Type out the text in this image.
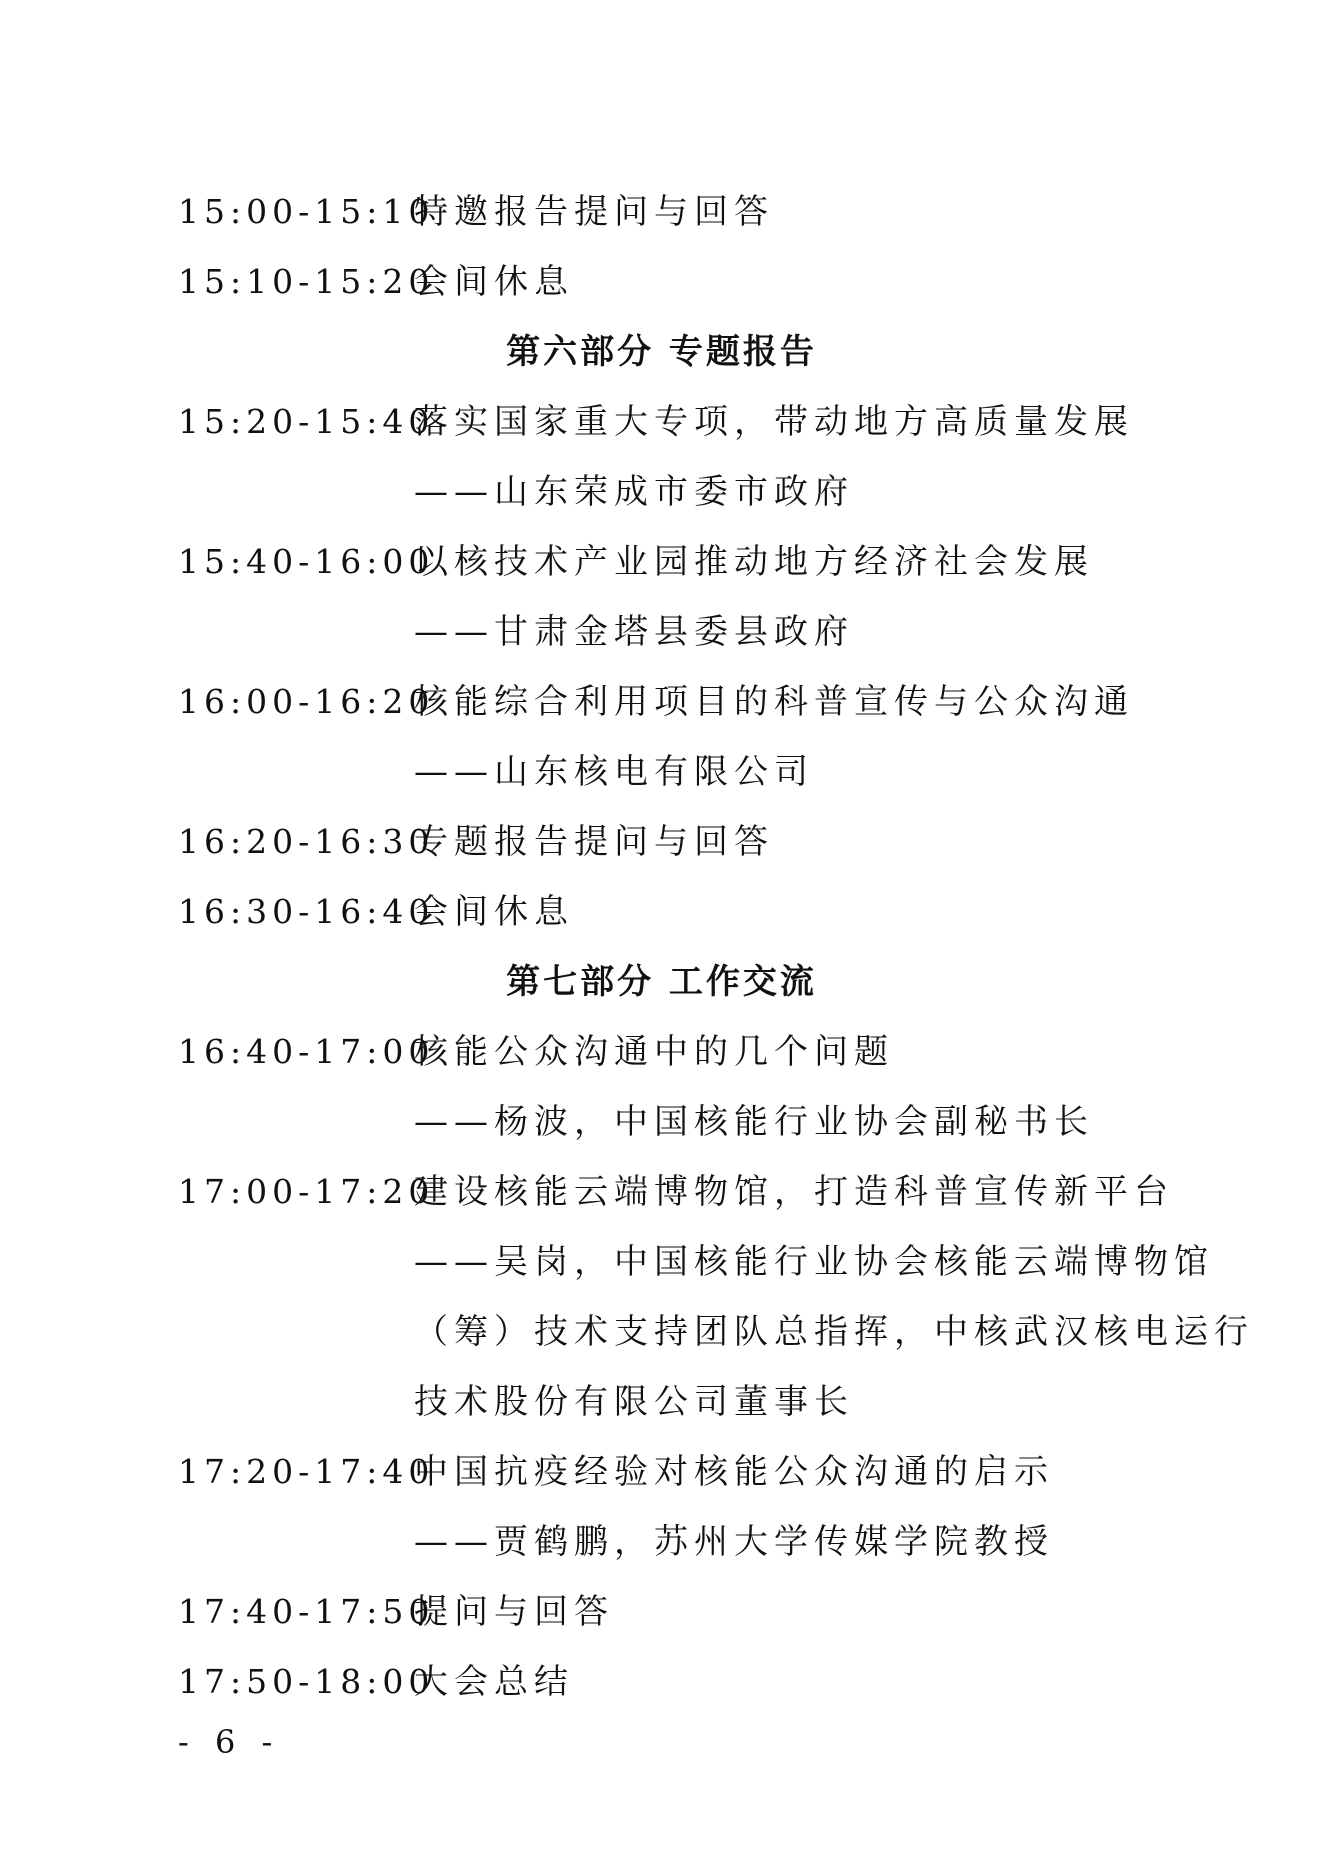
15:00-15:10
特邀报告提问与回答
15:10-15:20
会间休息
第六部分 专题报告
15:20-15:40
落实国家重大专项，带动地方高质量发展
——山东荣成市委市政府
15:40-16:00
以核技术产业园推动地方经济社会发展
——甘肃金塔县委县政府
16:00-16:20
核能综合利用项目的科普宣传与公众沟通
——山东核电有限公司
16:20-16:30
专题报告提问与回答
16:30-16:40
会间休息
第七部分 工作交流
16:40-17:00
核能公众沟通中的几个问题
——杨波，中国核能行业协会副秘书长
17:00-17:20
建设核能云端博物馆，打造科普宣传新平台
——吴岗，中国核能行业协会核能云端博物馆
（筹）技术支持团队总指挥，中核武汉核电运行
技术股份有限公司董事长
17:20-17:40
中国抗疫经验对核能公众沟通的启示
——贾鹤鹏，苏州大学传媒学院教授
17:40-17:50
提问与回答
17:50-18:00
大会总结
- 6 -
